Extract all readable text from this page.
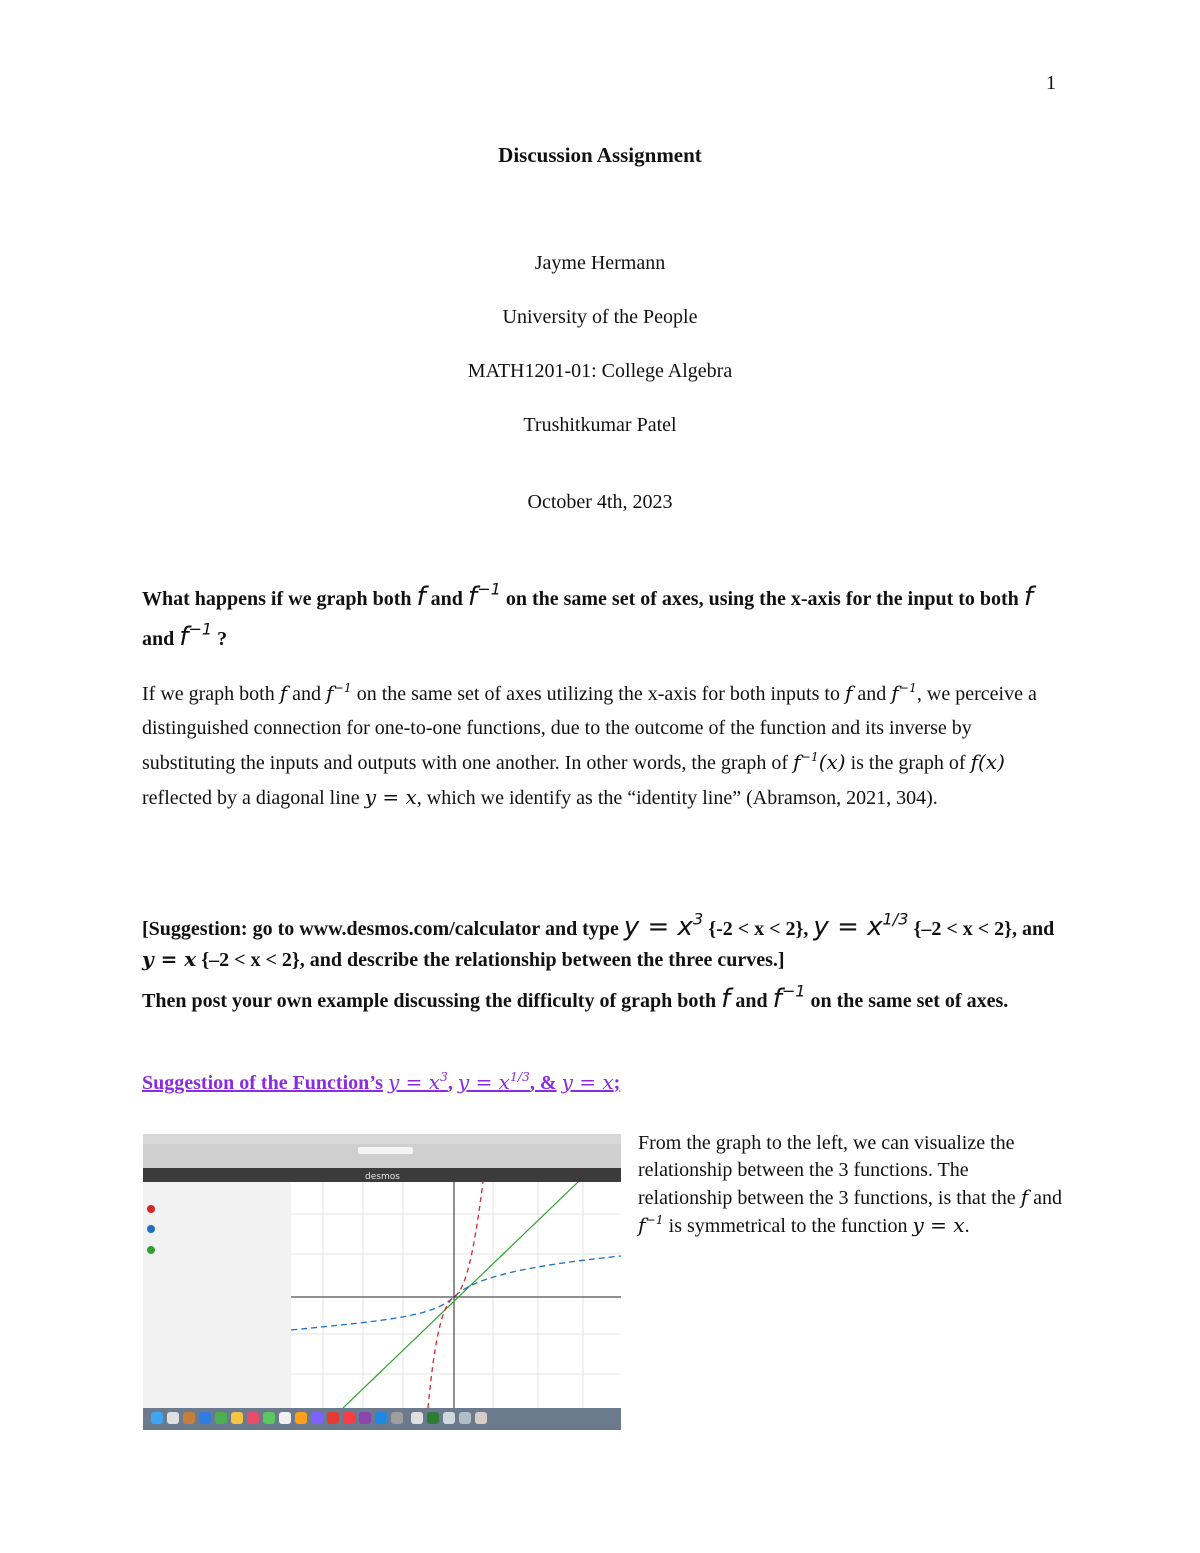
1
Discussion Assignment
Jayme Hermann
University of the People
MATH1201-01: College Algebra
Trushitkumar Patel
October 4th, 2023
What happens if we graph both f and $f^{-1}$ on the same set of axes, using the x-axis for the input to both f and $f^{-1}$ ?
If we graph both f and $f^{-1}$ on the same set of axes utilizing the x-axis for both inputs to f and $f^{-1}$, we perceive a distinguished connection for one-to-one functions, due to the outcome of the function and its inverse by substituting the inputs and outputs with one another. In other words, the graph of $f^{-1}(x)$ is the graph of f(x) reflected by a diagonal line y = x, which we identify as the “identity line” (Abramson, 2021, 304).
[Suggestion: go to www.desmos.com/calculator and type $y = x^3$ {-2 < x < 2}, $y = x^{1/3}$ {–2 < x < 2}, and y = x {–2 < x < 2}, and describe the relationship between the three curves.]
Then post your own example discussing the difficulty of graph both f and $f^{-1}$ on the same set of axes.
Suggestion of the Function’s $y = x^3$, $y = x^{1/3}$, & y = x;
desmos
From the graph to the left, we can visualize the relationship between the 3 functions. The relationship between the 3 functions, is that the f and $f^{-1}$ is symmetrical to the function y = x.
